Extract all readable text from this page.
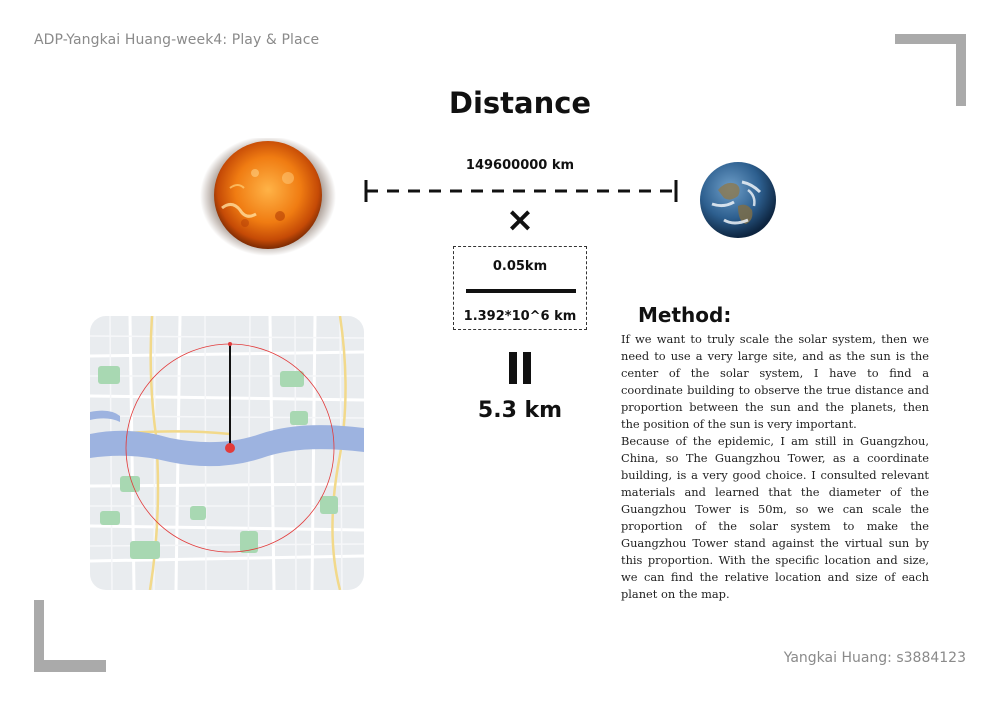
ADP-Yangkai Huang-week4: Play & Place
Distance
149600000 km
×
0.05km
1.392*10^6 km
5.3 km
Method:

If we want to truly scale the solar system, then we need to use a very large site, and as the sun is the center of the solar system, I have to find a coordinate building to observe the true distance and proportion between the sun and the planets, then the position of the sun is very important.

Because of the epidemic, I am still in Guangzhou, China, so The Guangzhou Tower, as a coordinate building, is a very good choice. I consulted relevant materials and learned that the diameter of the Guangzhou Tower is 50m, so we can scale the proportion of the solar system to make the Guangzhou Tower stand against the virtual sun by this proportion. With the specific location and size, we can find the relative location and size of each planet on the map.

Yangkai Huang: s3884123
